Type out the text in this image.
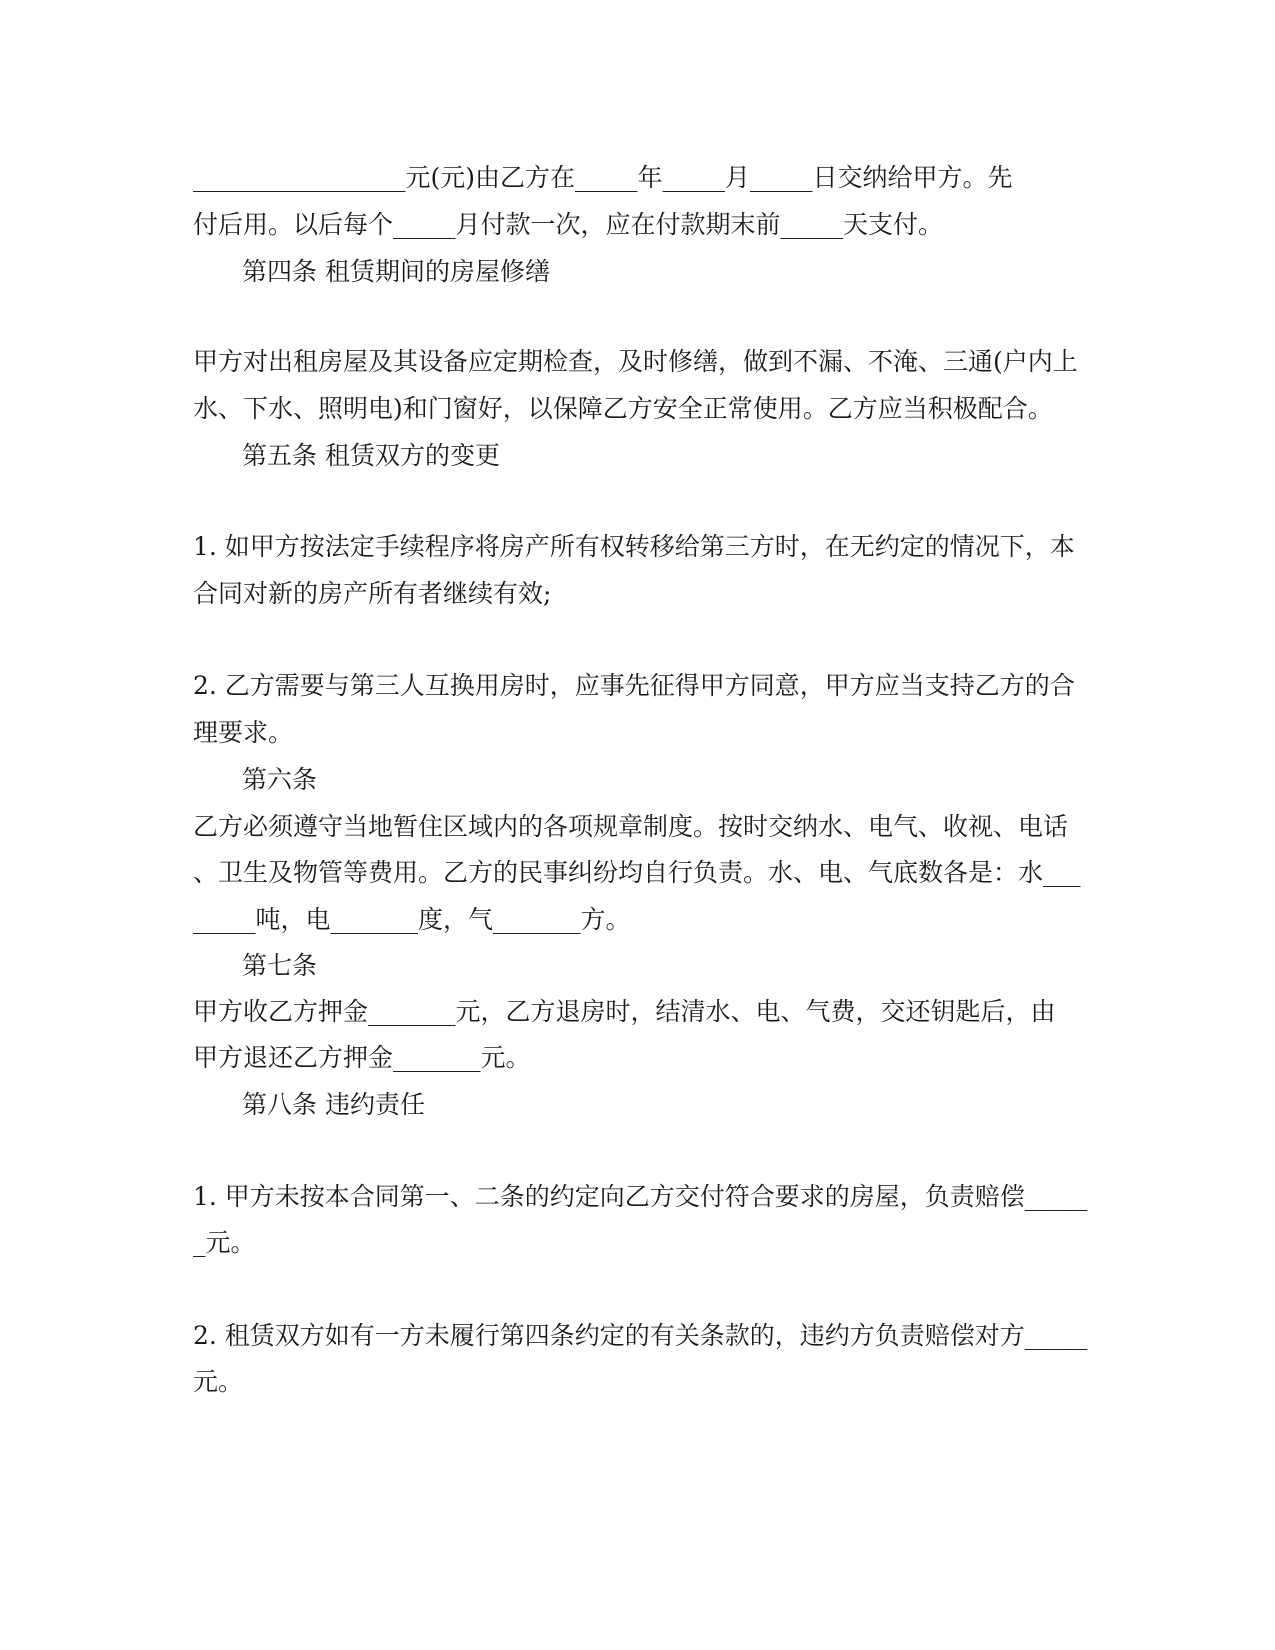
_________________元(元)由乙方在_____年_____月_____日交纳给甲方。先
付后用。以后每个_____月付款一次，应在付款期末前_____天支付。
第四条 租赁期间的房屋修缮
甲方对出租房屋及其设备应定期检查，及时修缮，做到不漏、不淹、三通(户内上
水、下水、照明电)和门窗好，以保障乙方安全正常使用。乙方应当积极配合。
第五条 租赁双方的变更
1. 如甲方按法定手续程序将房产所有权转移给第三方时，在无约定的情况下，本
合同对新的房产所有者继续有效;
2. 乙方需要与第三人互换用房时，应事先征得甲方同意，甲方应当支持乙方的合
理要求。
第六条
乙方必须遵守当地暂住区域内的各项规章制度。按时交纳水、电气、收视、电话
、卫生及物管等费用。乙方的民事纠纷均自行负责。水、电、气底数各是：水___
_____吨，电_______度，气_______方。
第七条
甲方收乙方押金_______元，乙方退房时，结清水、电、气费，交还钥匙后，由
甲方退还乙方押金_______元。
第八条 违约责任
1. 甲方未按本合同第一、二条的约定向乙方交付符合要求的房屋，负责赔偿_____
_元。
2. 租赁双方如有一方未履行第四条约定的有关条款的，违约方负责赔偿对方_____
元。
